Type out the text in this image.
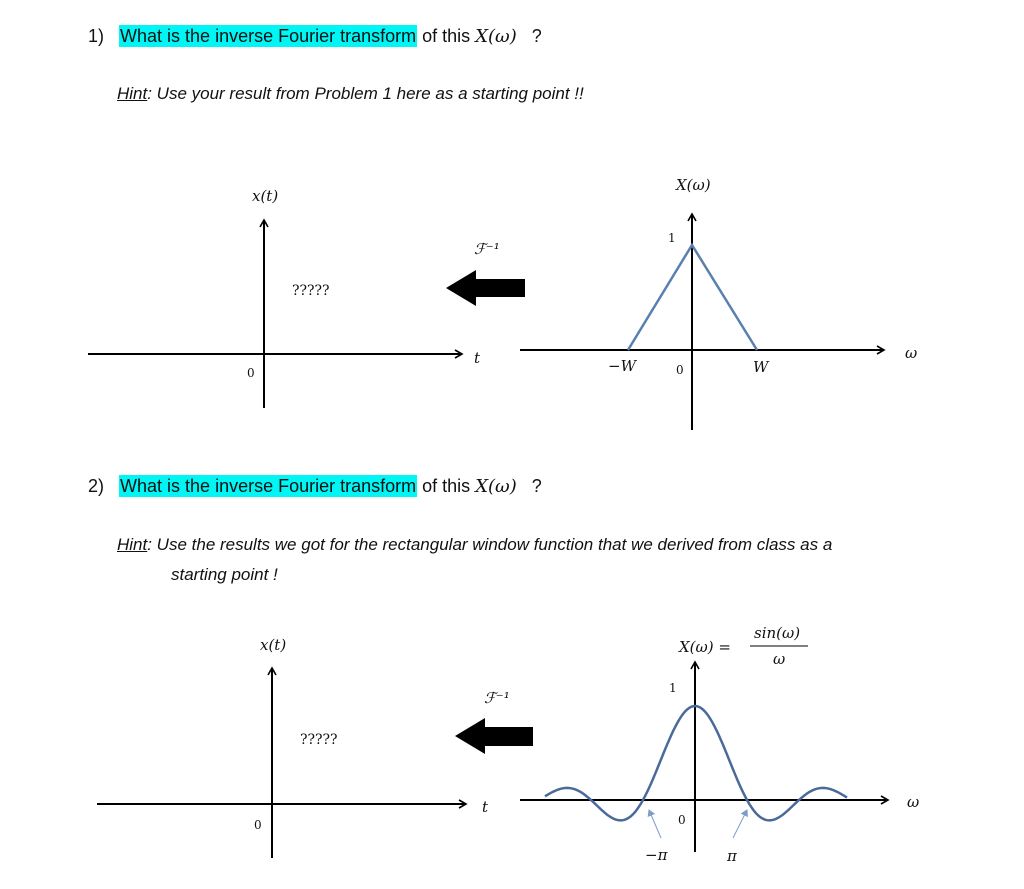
1) What is the inverse Fourier transform of this X(ω) ?
Hint: Use your result from Problem 1 here as a starting point !!
2) What is the inverse Fourier transform of this X(ω) ?
Hint: Use the results we got for the rectangular window function that we derived from class as a
starting point !
x(t)
t
0
?????
ℱ⁻¹
X(ω)
ω
1
−W	0	W
x(t)
t
0
?????
ℱ⁻¹
X(ω) =
sin(ω)
ω
ω
1
0
−π	π
